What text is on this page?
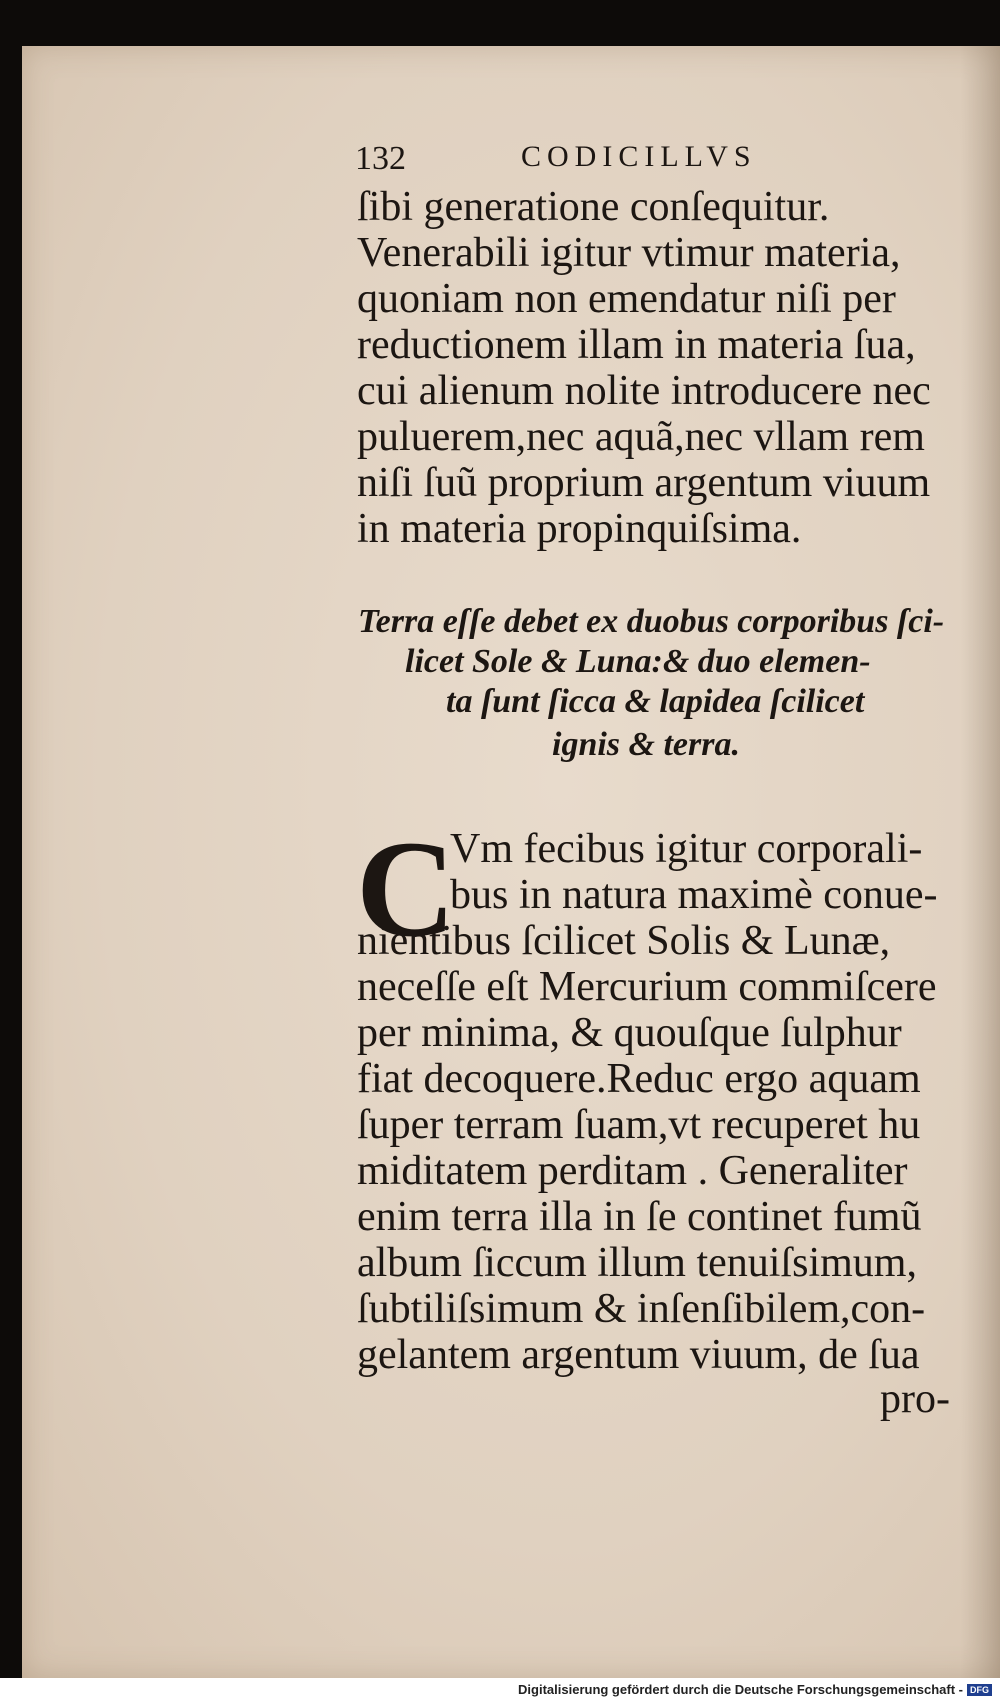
132	CODICILLVS
ſibi generatione conſequitur.
Venerabili igitur vtimur materia,
quoniam non emendatur niſi per
reductionem illam in materia ſua,
cui alienum nolite introducere nec
puluerem,nec aquã,nec vllam rem
niſi ſuũ proprium argentum viuum
in materia propinquiſsima.
Terra eſſe debet ex duobus corporibus ſci-
licet Sole & Luna:& duo elemen-
ta ſunt ſicca & lapidea ſcilicet
ignis & terra.
C
Vm fecibus igitur corporali-
bus in natura maximè conue-
nientibus ſcilicet Solis & Lunæ,
neceſſe eſt Mercurium commiſcere
per minima, & quouſque ſulphur
fiat decoquere.Reduc ergo aquam
ſuper terram ſuam,vt recuperet hu
miditatem perditam . Generaliter
enim terra illa in ſe continet fumũ
album ſiccum illum tenuiſsimum,
ſubtiliſsimum & inſenſibilem,con-
gelantem argentum viuum, de ſua
pro-
Digitalisierung gefördert durch die Deutsche Forschungsgemeinschaft - DFG
